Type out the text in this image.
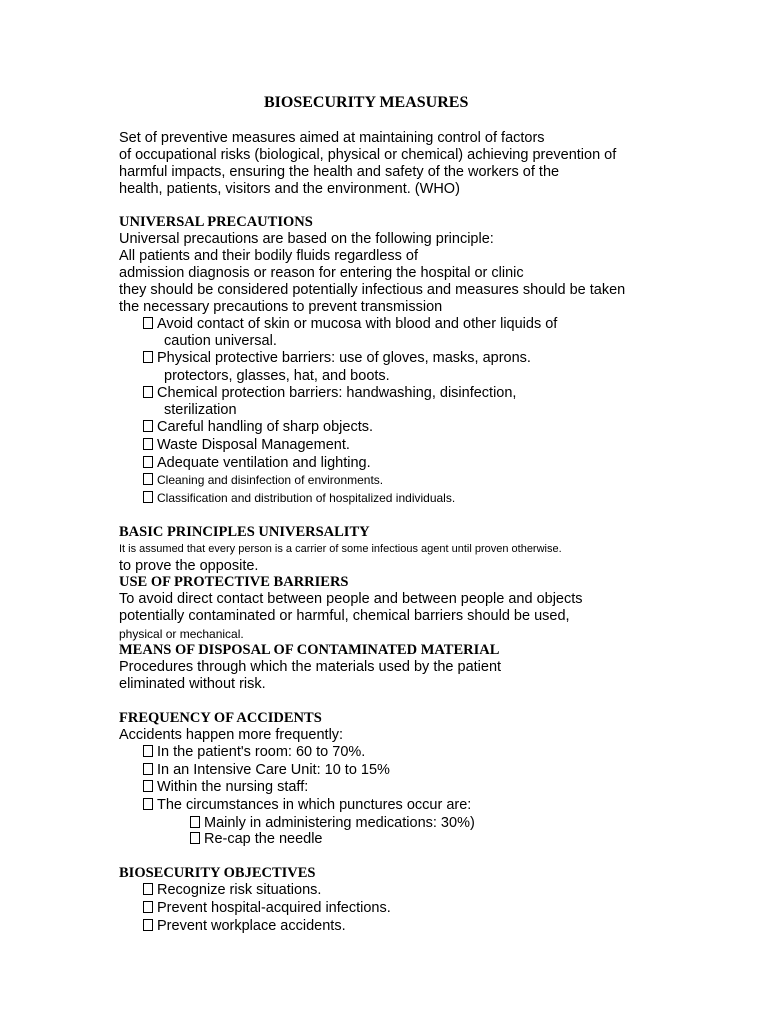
BIOSECURITY MEASURES
Set of preventive measures aimed at maintaining control of factors
of occupational risks (biological, physical or chemical) achieving prevention of
harmful impacts, ensuring the health and safety of the workers of the
health, patients, visitors and the environment. (WHO)
UNIVERSAL PRECAUTIONS
Universal precautions are based on the following principle:
All patients and their bodily fluids regardless of
admission diagnosis or reason for entering the hospital or clinic
they should be considered potentially infectious and measures should be taken
the necessary precautions to prevent transmission
Avoid contact of skin or mucosa with blood and other liquids of
caution universal.
Physical protective barriers: use of gloves, masks, aprons.
protectors, glasses, hat, and boots.
Chemical protection barriers: handwashing, disinfection,
sterilization
Careful handling of sharp objects.
Waste Disposal Management.
Adequate ventilation and lighting.
Cleaning and disinfection of environments.
Classification and distribution of hospitalized individuals.
BASIC PRINCIPLES UNIVERSALITY
It is assumed that every person is a carrier of some infectious agent until proven otherwise.
to prove the opposite.
USE OF PROTECTIVE BARRIERS
To avoid direct contact between people and between people and objects
potentially contaminated or harmful, chemical barriers should be used,
physical or mechanical.
MEANS OF DISPOSAL OF CONTAMINATED MATERIAL
Procedures through which the materials used by the patient
eliminated without risk.
FREQUENCY OF ACCIDENTS
Accidents happen more frequently:
In the patient's room: 60 to 70%.
In an Intensive Care Unit: 10 to 15%
Within the nursing staff:
The circumstances in which punctures occur are:
Mainly in administering medications: 30%)
Re-cap the needle
BIOSECURITY OBJECTIVES
Recognize risk situations.
Prevent hospital-acquired infections.
Prevent workplace accidents.
